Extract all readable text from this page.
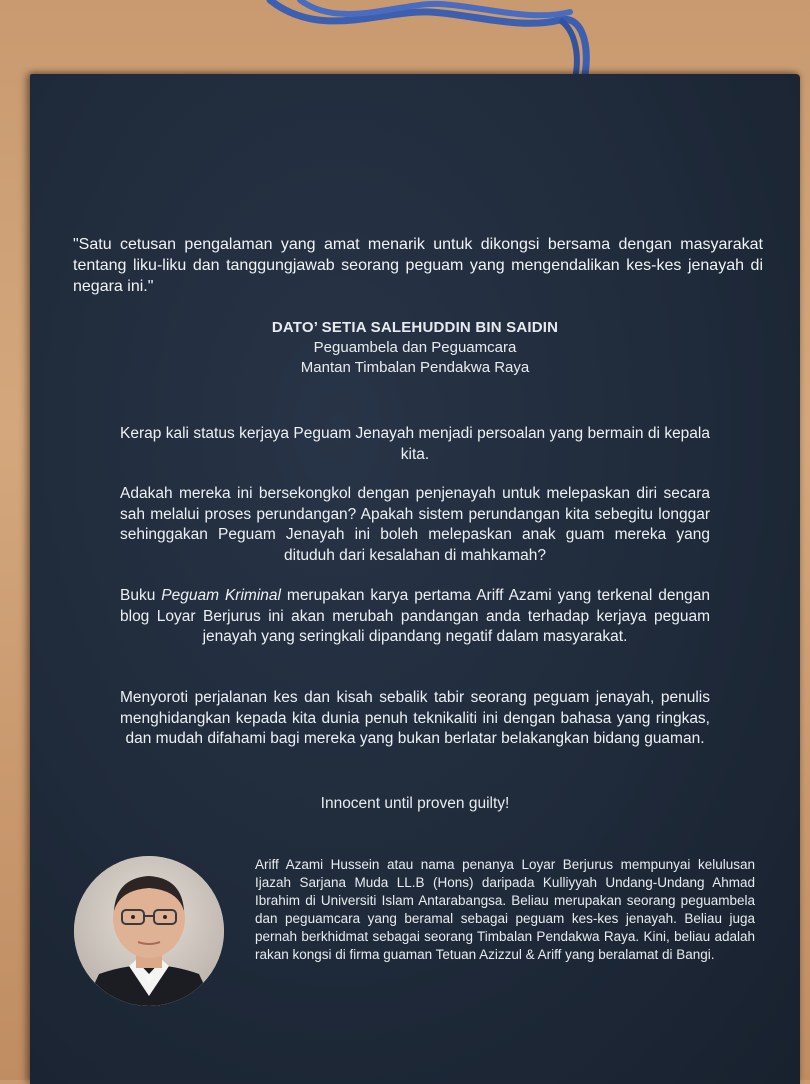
"Satu cetusan pengalaman yang amat menarik untuk dikongsi bersama dengan masyarakat tentang liku-liku dan tanggungjawab seorang peguam yang mengendalikan kes-kes jenayah di negara ini."
DATO’ SETIA SALEHUDDIN BIN SAIDIN
Peguambela dan Peguamcara
Mantan Timbalan Pendakwa Raya
Kerap kali status kerjaya Peguam Jenayah menjadi persoalan yang bermain di kepala kita.
Adakah mereka ini bersekongkol dengan penjenayah untuk melepaskan diri secara sah melalui proses perundangan? Apakah sistem perundangan kita sebegitu longgar sehinggakan Peguam Jenayah ini boleh melepaskan anak guam mereka yang dituduh dari kesalahan di mahkamah?
Buku Peguam Kriminal merupakan karya pertama Ariff Azami yang terkenal dengan blog Loyar Berjurus ini akan merubah pandangan anda terhadap kerjaya peguam jenayah yang seringkali dipandang negatif dalam masyarakat.
Menyoroti perjalanan kes dan kisah sebalik tabir seorang peguam jenayah, penulis menghidangkan kepada kita dunia penuh teknikaliti ini dengan bahasa yang ringkas, dan mudah difahami bagi mereka yang bukan berlatar belakangkan bidang guaman.
Innocent until proven guilty!
Ariff Azami Hussein atau nama penanya Loyar Berjurus mempunyai kelulusan Ijazah Sarjana Muda LL.B (Hons) daripada Kulliyyah Undang-Undang Ahmad Ibrahim di Universiti Islam Antarabangsa. Beliau merupakan seorang peguambela dan peguamcara yang beramal sebagai peguam kes-kes jenayah. Beliau juga pernah berkhidmat sebagai seorang Timbalan Pendakwa Raya. Kini, beliau adalah rakan kongsi di firma guaman Tetuan Azizzul & Ariff yang beralamat di Bangi.
